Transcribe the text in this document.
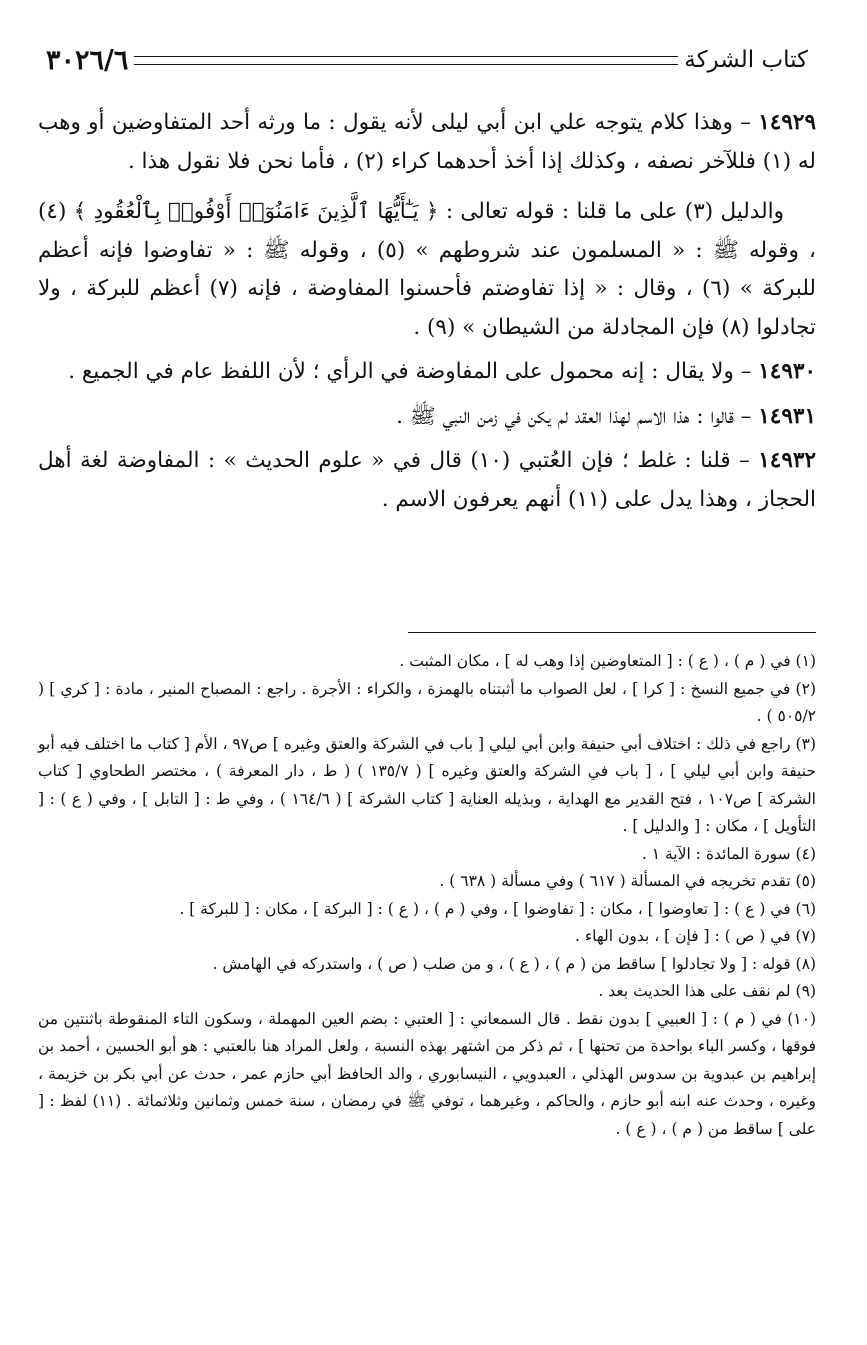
كتاب الشركة
٣٠٢٦/٦

١٤٩٢٩ – وهذا كلام يتوجه علي ابن أبي ليلى لأنه يقول : ما ورثه أحد المتفاوضين أو وهب له (١) فللآخر نصفه ، وكذلك إذا أخذ أحدهما كراء (٢) ، فأما نحن فلا نقول هذا .

والدليل (٣) على ما قلنا : قوله تعالى : ﴿ يَـٰٓأَيُّهَا ٱلَّذِينَ ءَامَنُوٓا۟ أَوْفُوا۟ بِٱلْعُقُودِ ﴾ (٤) ، وقوله ﷺ : « المسلمون عند شروطهم » (٥) ، وقوله ﷺ : « تفاوضوا فإنه أعظم للبركة » (٦) ، وقال : « إذا تفاوضتم فأحسنوا المفاوضة ، فإنه (٧) أعظم للبركة ، ولا تجادلوا (٨) فإن المجادلة من الشيطان » (٩) .

١٤٩٣٠ – ولا يقال : إنه محمول على المفاوضة في الرأي ؛ لأن اللفظ عام في الجميع .

١٤٩٣١ – قالوا : هذا الاسم لهذا العقد لم يكن في زمن النبي ﷺ .

١٤٩٣٢ – قلنا : غلط ؛ فإن العُتبي (١٠) قال في « علوم الحديث » : المفاوضة لغة أهل الحجاز ، وهذا يدل على (١١) أنهم يعرفون الاسم .

(١) في ( م ) ، ( ع ) : [ المتعاوضين إذا وهب له ] ، مكان المثبت .

(٢) في جميع النسخ : [ كرا ] ، لعل الصواب ما أثبتناه بالهمزة ، والكراء : الأجرة . راجع : المصباح المنير ، مادة : [ كري ] ( ٥٠٥/٢ ) .

(٣) راجع في ذلك : اختلاف أبي حنيفة وابن أبي ليلي [ باب في الشركة والعتق وغيره ] ص٩٧ ، الأم [ كتاب ما اختلف فيه أبو حنيفة وابن أبي ليلي ] ، [ باب في الشركة والعتق وغيره ] ( ١٣٥/٧ ) ( ط ، دار المعرفة ) ، مختصر الطحاوي [ كتاب الشركة ] ص١٠٧ ، فتح القدير مع الهداية ، وبذيله العناية [ كتاب الشركة ] ( ١٦٤/٦ ) ، وفي ط : [ التابل ] ، وفي ( ع ) : [ التأويل ] ، مكان : [ والدليل ] .

(٤) سورة المائدة : الآية ١ .

(٥) تقدم تخريجه في المسألة ( ٦١٧ ) وفي مسألة ( ٦٣٨ ) .

(٦) في ( ع ) : [ تعاوضوا ] ، مكان : [ تفاوضوا ] ، وفي ( م ) ، ( ع ) : [ البركة ] ، مكان : [ للبركة ] .

(٧) في ( ص ) : [ فإن ] ، بدون الهاء .

(٨) قوله : [ ولا تجادلوا ] ساقط من ( م ) ، ( ع ) ، و من صلب ( ص ) ، واستدركه في الهامش .

(٩) لم نقف على هذا الحديث بعد .

(١٠) في ( م ) : [ العبيي ] بدون نقط . قال السمعاني : [ العتبي : بضم العين المهملة ، وسكون التاء المنقوطة باثنتين من فوقها ، وكسر الباء بواحدة من تحتها ] ، ثم ذكر من اشتهر بهذه النسبة ، ولعل المراد هنا بالعتبي : هو أبو الحسين ، أحمد بن إبراهيم بن عبدوية بن سدوس الهذلي ، العبدويي ، النيسابوري ، والد الحافظ أبي حازم عمر ، حدث عن أبي بكر بن خزيمة ، وغيره ، وحدث عنه ابنه أبو حازم ، والحاكم ، وغيرهما ، توفي ﷺ في رمضان ، سنة خمس وثمانين وثلاثمائة . (١١) لفظ : [ على ] ساقط من ( م ) ، ( ع ) .
